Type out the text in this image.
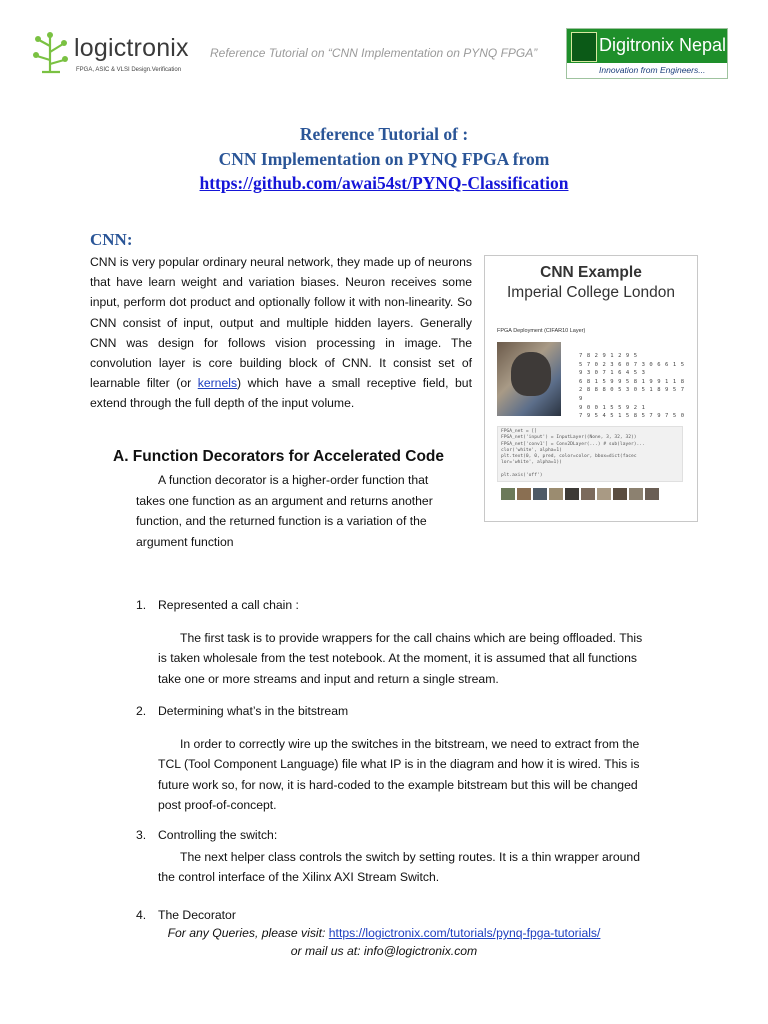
logictronix
FPGA, ASIC & VLSI Design.Verification
Reference Tutorial on “CNN Implementation on PYNQ FPGA”	Digitronix Nepal
Innovation from Engineers...
Reference Tutorial of :
CNN Implementation on PYNQ FPGA from
https://github.com/awai54st/PYNQ-Classification
CNN:
CNN is very popular ordinary neural network, they made up of neurons that have learn weight and variation biases. Neuron receives some input, perform dot product and optionally follow it with non-linearity. So CNN consist of input, output and multiple hidden layers. Generally CNN was design for follows vision processing in image. The convolution layer is core building block of CNN. It consist set of learnable filter (or kernels) which have a small receptive field, but extend through the full depth of the input volume.
CNN Example
Imperial College London
FPGA Deployment (CIFAR10 Layer)
7 8 2 9 1 2 9 5
5 7 0 2 3 6 0 7 3 0 6 6 1 5
9 3 0 7 1 6 4 5 3
6 8 1 5 9 9 5 8 1 9 9 1 1 8
2 8 8 8 0 5 3 0 5 1 8 9 5 7 9
9 0 0 1 5 5 9 2 1
7 9 5 4 5 1 5 8 5 7 9 7 5 0
FPGA_net = []
FPGA_net('input') = InputLayer((None, 3, 32, 32))
FPGA_net['conv1'] = Conv2DLayer(...) # sub(layer)...
clor('white', alpha=1)
plt.text(0, 0, pred, color=color, bbox=dict(facec
lor='white', alpha=1))

plt.axis('off')
A. Function Decorators for Accelerated Code
A function decorator is a higher-order function that takes one function as an argument and returns another function, and the returned function is a variation of the argument function
1. Represented a call chain :
The first task is to provide wrappers for the call chains which are being offloaded. This is taken wholesale from the test notebook. At the moment, it is assumed that all functions take one or more streams and input and return a single stream.
2. Determining what’s in the bitstream
In order to correctly wire up the switches in the bitstream, we need to extract from the TCL (Tool Component Language) file what IP is in the diagram and how it is wired. This is future work so, for now, it is hard-coded to the example bitstream but this will be changed post proof-of-concept.
3. Controlling the switch:
The next helper class controls the switch by setting routes. It is a thin wrapper around the control interface of the Xilinx AXI Stream Switch.
4. The Decorator
For any Queries, please visit: https://logictronix.com/tutorials/pynq-fpga-tutorials/
or mail us at: info@logictronix.com
